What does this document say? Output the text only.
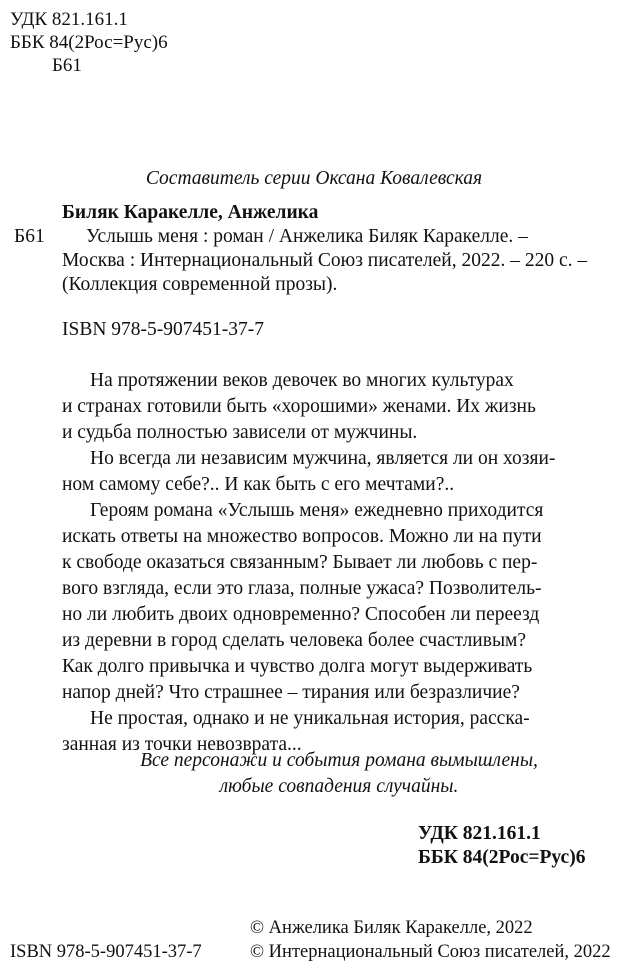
УДК 821.161.1
ББК 84(2Рос=Рус)6
Б61
Составитель серии Оксана Ковалевская
Б61
Биляк Каракелле, Анжелика
Услышь меня : роман / Анжелика Биляк Каракелле. –
Москва : Интернациональный Союз писателей, 2022. – 220 с. –
(Коллекция современной прозы).
ISBN 978-5-907451-37-7
На протяжении веков девочек во многих культурах
и странах готовили быть «хорошими» женами. Их жизнь
и судьба полностью зависели от мужчины.
Но всегда ли независим мужчина, является ли он хозяи-
ном самому себе?.. И как быть с его мечтами?..
Героям романа «Услышь меня» ежедневно приходится
искать ответы на множество вопросов. Можно ли на пути
к свободе оказаться связанным? Бывает ли любовь с пер-
вого взгляда, если это глаза, полные ужаса? Позволитель-
но ли любить двоих одновременно? Способен ли переезд
из деревни в город сделать человека более счастливым?
Как долго привычка и чувство долга могут выдерживать
напор дней? Что страшнее – тирания или безразличие?
Не простая, однако и не уникальная история, расска-
занная из точки невозврата...
Все персонажи и события романа вымышлены,
любые совпадения случайны.
УДК 821.161.1
ББК 84(2Рос=Рус)6
© Анжелика Биляк Каракелле, 2022
© Интернациональный Союз писателей, 2022
ISBN 978-5-907451-37-7
